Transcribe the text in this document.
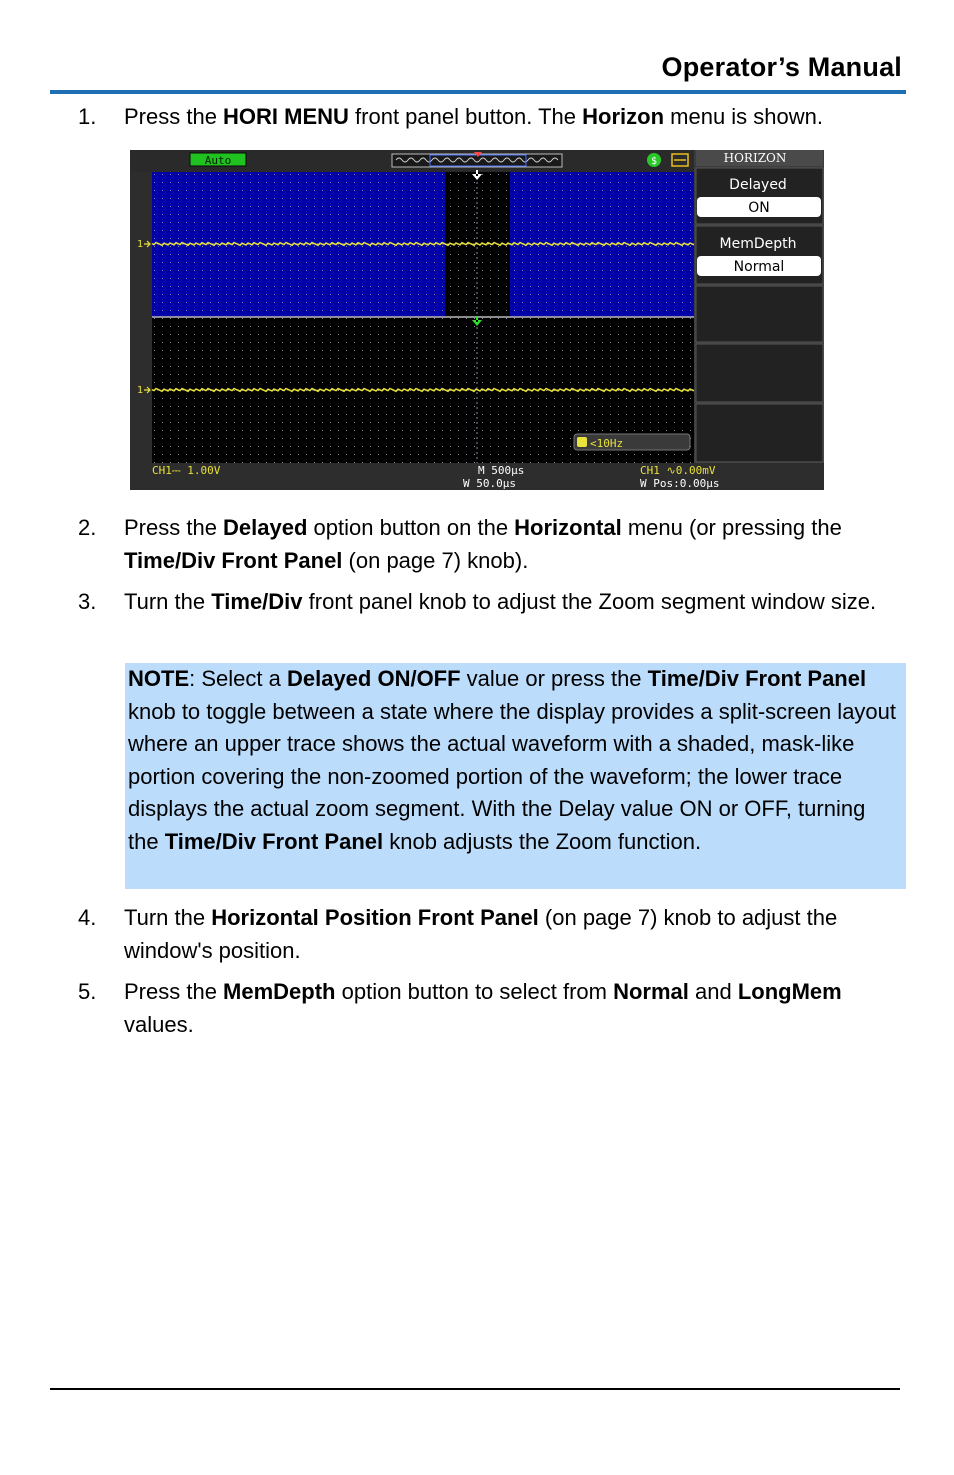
Operator’s Manual
1. Press the HORI MENU front panel button. The Horizon menu is shown.
Auto	$
1
1
<10Hz
CH1⎓ 1.00V	M 500μs
W 50.0μs
CH1 ∿0.00mV
W Pos:0.00μs
HORIZON
Delayed
ON
MemDepth
Normal
2. Press the Delayed option button on the Horizontal menu (or pressing the Time/Div Front Panel (on page 7) knob).
3. Turn the Time/Div front panel knob to adjust the Zoom segment window size.
NOTE: Select a Delayed ON/OFF value or press the Time/Div Front Panel knob to toggle between a state where the display provides a split-screen layout where an upper trace shows the actual waveform with a shaded, mask-like portion covering the non-zoomed portion of the waveform; the lower trace displays the actual zoom segment. With the Delay value ON or OFF, turning the Time/Div Front Panel knob adjusts the Zoom function.
4. Turn the Horizontal Position Front Panel (on page 7) knob to adjust the window's position.
5. Press the MemDepth option button to select from Normal and LongMem values.
